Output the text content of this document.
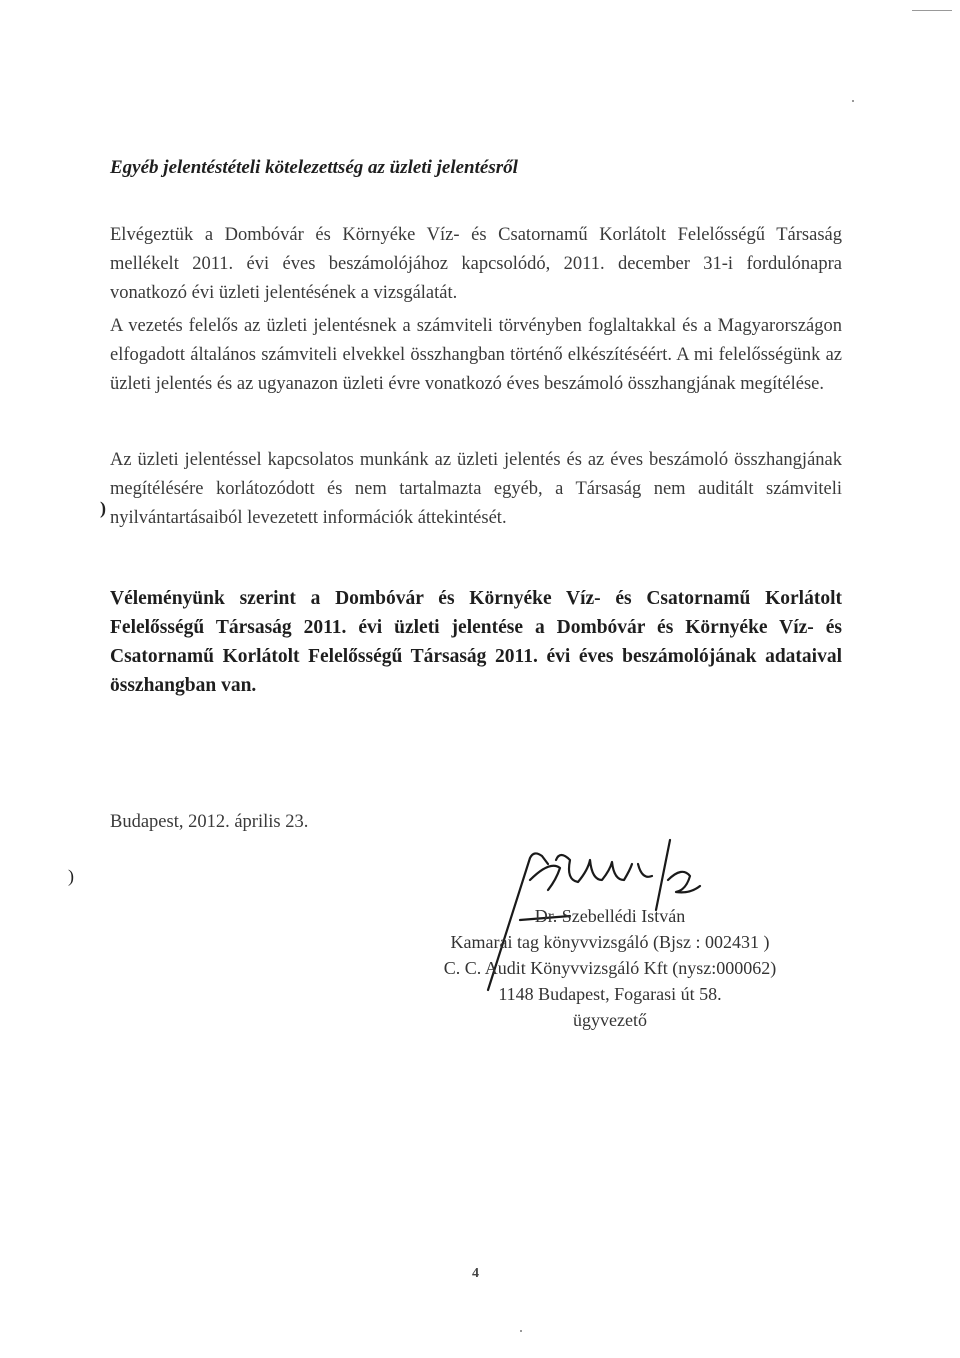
Egyéb jelentéstételi kötelezettség az üzleti jelentésről

Elvégeztük a Dombóvár és Környéke Víz- és Csatornamű Korlátolt Felelősségű Társaság mellékelt 2011. évi éves beszámolójához kapcsolódó, 2011. december 31-i fordulónapra vonatkozó évi üzleti jelentésének a vizsgálatát.

A vezetés felelős az üzleti jelentésnek a számviteli törvényben foglaltakkal és a Magyarországon elfogadott általános számviteli elvekkel összhangban történő elkészítéséért. A mi felelősségünk az üzleti jelentés és az ugyanazon üzleti évre vonatkozó éves beszámoló összhangjának megítélése.

Az üzleti jelentéssel kapcsolatos munkánk az üzleti jelentés és az éves beszámoló összhangjának megítélésére korlátozódott és nem tartalmazta egyéb, a Társaság nem auditált számviteli nyilvántartásaiból levezetett információk áttekintését.

Véleményünk szerint a Dombóvár és Környéke Víz- és Csatornamű Korlátolt Felelősségű Társaság 2011. évi üzleti jelentése a Dombóvár és Környéke Víz- és Csatornamű Korlátolt Felelősségű Társaság 2011. évi éves beszámolójának adataival összhangban van.

Budapest, 2012. április 23.
Dr. Szebellédi István
Kamarai tag könyvvizsgáló (Bjsz : 002431 )
C. C. Audit Könyvvizsgáló Kft (nysz:000062)
1148 Budapest, Fogarasi út 58.
ügyvezető
4
)
)
